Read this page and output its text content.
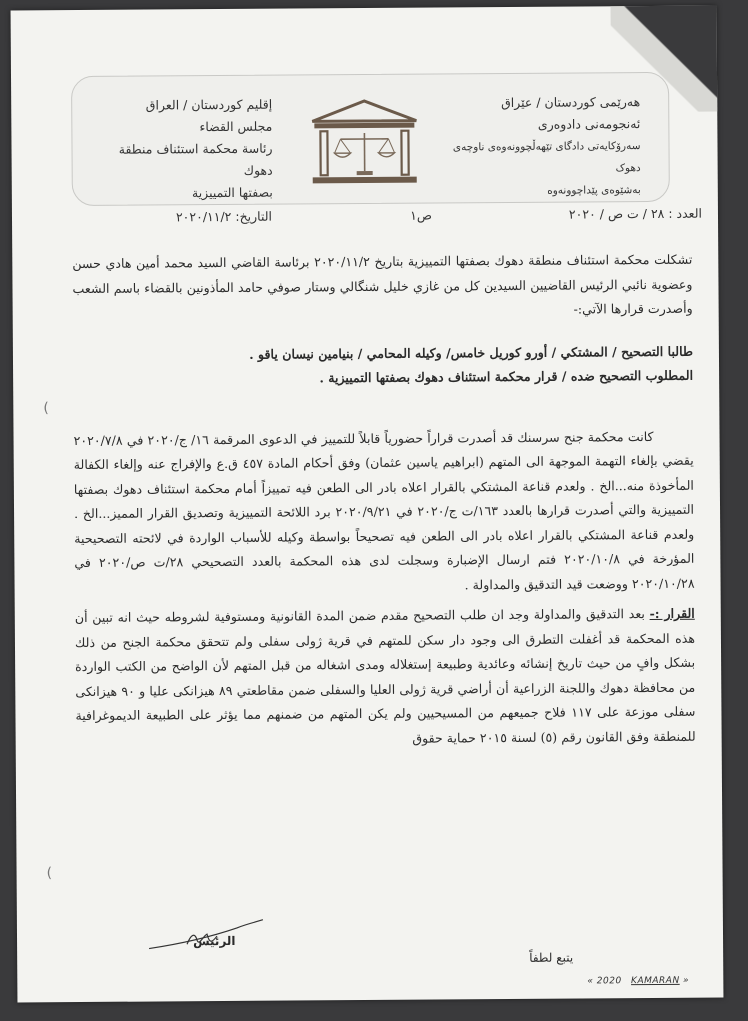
إقليم كوردستان / العراق
مجلس القضاء
رئاسة محكمة استئناف منطقة دهوك
بصفتها التمييزية
هەرێمی کوردستان / عێراق
ئەنجومەنی دادوەری
سەرۆکایەتی دادگای تێهەڵچوونەوەی ناوچەی دهوک
بەشێوەی پێداچوونەوە
العدد : ٢٨ / ت ص / ٢٠٢٠
ص١
التاريخ: ٢٠٢٠/١١/٢

تشكلت محكمة استئناف منطقة دهوك بصفتها التمييزية بتاريخ ٢٠٢٠/١١/٢ برئاسة القاضي السيد محمد أمين هادي حسن وعضوية نائبي الرئيس القاضيين السيدين كل من غازي خليل شنگالي وستار صوفي حامد المأذونين بالقضاء باسم الشعب وأصدرت قرارها الآتي:-

طالبا التصحيح / المشتكي / أورو كوريل خامس/ وكيله المحامي / بنيامين نيسان ياقو .

المطلوب التصحيح ضده / قرار محكمة استئناف دهوك بصفتها التمييزية .

كانت محكمة جنح سرسنك قد أصدرت قراراً حضورياً قابلاً للتمييز في الدعوى المرقمة ١٦/ ج/٢٠٢٠ في ٢٠٢٠/٧/٨ يقضي بإلغاء التهمة الموجهة الى المتهم (ابراهيم ياسين عثمان) وفق أحكام المادة ٤٥٧ ق.ع والإفراج عنه وإلغاء الكفالة المأخوذة منه...الخ . ولعدم قناعة المشتكي بالقرار اعلاه بادر الى الطعن فيه تمييزاً أمام محكمة استئناف دهوك بصفتها التمييزية والتي أصدرت قرارها بالعدد ١٦٣/ت ج/٢٠٢٠ في ٢٠٢٠/٩/٢١ برد اللائحة التمييزية وتصديق القرار المميز...الخ . ولعدم قناعة المشتكي بالقرار اعلاه بادر الى الطعن فيه تصحيحاً بواسطة وكيله للأسباب الواردة في لائحته التصحيحية المؤرخة في ٢٠٢٠/١٠/٨ فتم ارسال الإضبارة وسجلت لدى هذه المحكمة بالعدد التصحيحي ٢٨/ت ص/٢٠٢٠ في ٢٠٢٠/١٠/٢٨ ووضعت قيد التدقيق والمداولة .

القرار :- بعد التدقيق والمداولة وجد ان طلب التصحيح مقدم ضمن المدة القانونية ومستوفية لشروطه حيث انه تبين أن هذه المحكمة قد أغفلت التطرق الى وجود دار سكن للمتهم في قرية ژولى سفلى ولم تتحقق محكمة الجنح من ذلك بشكل وافٍ من حيث تاريخ إنشائه وعائدية وطبيعة إستغلاله ومدى اشغاله من قبل المتهم لأن الواضح من الكتب الواردة من محافظة دهوك واللجنة الزراعية أن أراضي قرية ژولى العليا والسفلى ضمن مقاطعتي ٨٩ هيزانكى عليا و ٩٠ هيزانكى سفلى موزعة على ١١٧ فلاح جميعهم من المسيحيين ولم يكن المتهم من ضمنهم مما يؤثر على الطبيعة الديموغرافية للمنطقة وفق القانون رقم (٥) لسنة ٢٠١٥ حماية حقوق

(
(
الرئيس
يتبع لطفاً
« 2020 KAMARAN »
